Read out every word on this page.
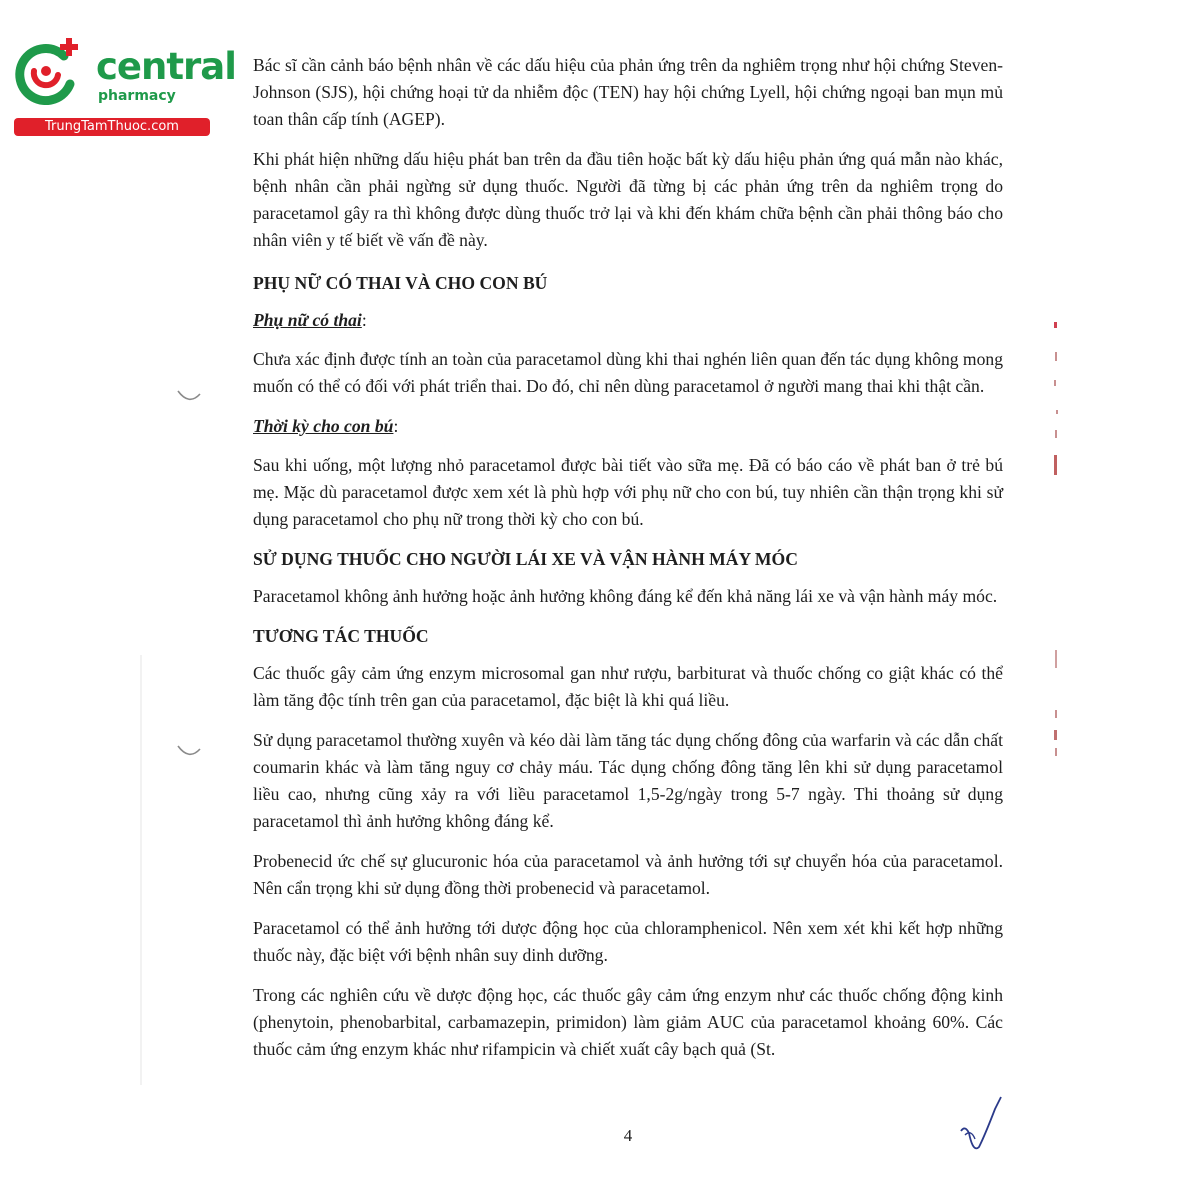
central
pharmacy
TrungTamThuoc.com

Bác sĩ cần cảnh báo bệnh nhân về các dấu hiệu của phản ứng trên da nghiêm trọng như hội chứng Steven-Johnson (SJS), hội chứng hoại tử da nhiễm độc (TEN) hay hội chứng Lyell, hội chứng ngoại ban mụn mủ toan thân cấp tính (AGEP).

Khi phát hiện những dấu hiệu phát ban trên da đầu tiên hoặc bất kỳ dấu hiệu phản ứng quá mẫn nào khác, bệnh nhân cần phải ngừng sử dụng thuốc. Người đã từng bị các phản ứng trên da nghiêm trọng do paracetamol gây ra thì không được dùng thuốc trở lại và khi đến khám chữa bệnh cần phải thông báo cho nhân viên y tế biết về vấn đề này.

PHỤ NỮ CÓ THAI VÀ CHO CON BÚ
Phụ nữ có thai:

Chưa xác định được tính an toàn của paracetamol dùng khi thai nghén liên quan đến tác dụng không mong muốn có thể có đối với phát triển thai. Do đó, chỉ nên dùng paracetamol ở người mang thai khi thật cần.

Thời kỳ cho con bú:

Sau khi uống, một lượng nhỏ paracetamol được bài tiết vào sữa mẹ. Đã có báo cáo về phát ban ở trẻ bú mẹ. Mặc dù paracetamol được xem xét là phù hợp với phụ nữ cho con bú, tuy nhiên cần thận trọng khi sử dụng paracetamol cho phụ nữ trong thời kỳ cho con bú.

SỬ DỤNG THUỐC CHO NGƯỜI LÁI XE VÀ VẬN HÀNH MÁY MÓC

Paracetamol không ảnh hưởng hoặc ảnh hưởng không đáng kể đến khả năng lái xe và vận hành máy móc.

TƯƠNG TÁC THUỐC

Các thuốc gây cảm ứng enzym microsomal gan như rượu, barbiturat và thuốc chống co giật khác có thể làm tăng độc tính trên gan của paracetamol, đặc biệt là khi quá liều.

Sử dụng paracetamol thường xuyên và kéo dài làm tăng tác dụng chống đông của warfarin và các dẫn chất coumarin khác và làm tăng nguy cơ chảy máu. Tác dụng chống đông tăng lên khi sử dụng paracetamol liều cao, nhưng cũng xảy ra với liều paracetamol 1,5-2g/ngày trong 5-7 ngày. Thi thoảng sử dụng paracetamol thì ảnh hưởng không đáng kể.

Probenecid ức chế sự glucuronic hóa của paracetamol và ảnh hưởng tới sự chuyển hóa của paracetamol. Nên cẩn trọng khi sử dụng đồng thời probenecid và paracetamol.

Paracetamol có thể ảnh hưởng tới dược động học của chloramphenicol. Nên xem xét khi kết hợp những thuốc này, đặc biệt với bệnh nhân suy dinh dưỡng.

Trong các nghiên cứu về dược động học, các thuốc gây cảm ứng enzym như các thuốc chống động kinh (phenytoin, phenobarbital, carbamazepin, primidon) làm giảm AUC của paracetamol khoảng 60%. Các thuốc cảm ứng enzym khác như rifampicin và chiết xuất cây bạch quả (St.

4
